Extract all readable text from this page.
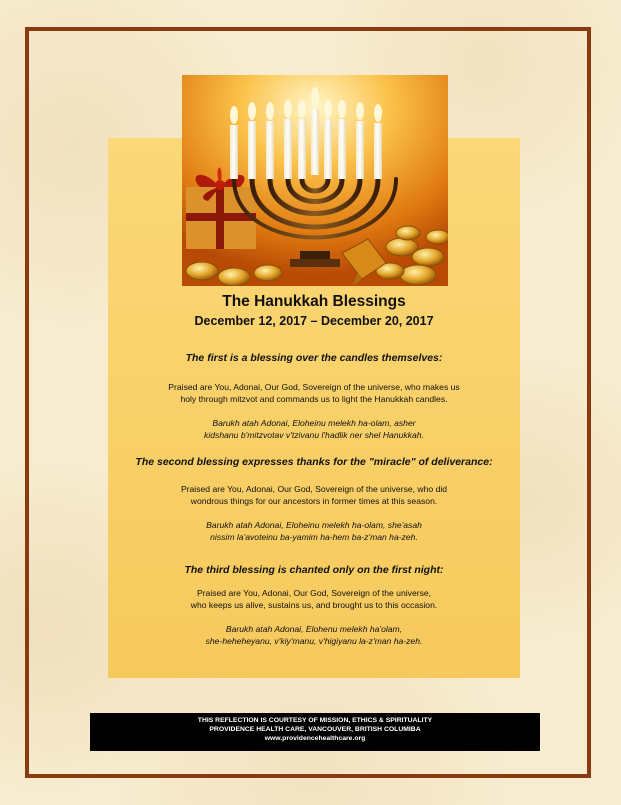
The Hanukkah Blessings

December 12, 2017 – December 20, 2017

The first is a blessing over the candles themselves:

Praised are You, Adonai, Our God, Sovereign of the universe, who makes us

holy through mitzvot and commands us to light the Hanukkah candles.

Barukh atah Adonai, Eloheinu melekh ha-olam, asher

kidshanu b'mitzvotav v'tzivanu l'hadlik ner shel Hanukkah.

The second blessing expresses thanks for the "miracle" of deliverance:

Praised are You, Adonai, Our God, Sovereign of the universe, who did

wondrous things for our ancestors in former times at this season.

Barukh atah Adonai, Eloheinu melekh ha-olam, she'asah

nissim la'avoteinu ba-yamim ha-hem ba-z'man ha-zeh.

The third blessing is chanted only on the first night:

Praised are You, Adonai, Our God, Sovereign of the universe,

who keeps us alive, sustains us, and brought us to this occasion.

Barukh atah Adonai, Elohenu melekh ha'olam,

she-heheheyanu, v'kiy'manu, v'higiyanu la-z'man ha-zeh.

THIS REFLECTION IS COURTESY OF MISSION, ETHICS & SPIRITUALITY
PROVIDENCE HEALTH CARE, VANCOUVER, BRITISH COLUMIBA
www.providencehealthcare.org
